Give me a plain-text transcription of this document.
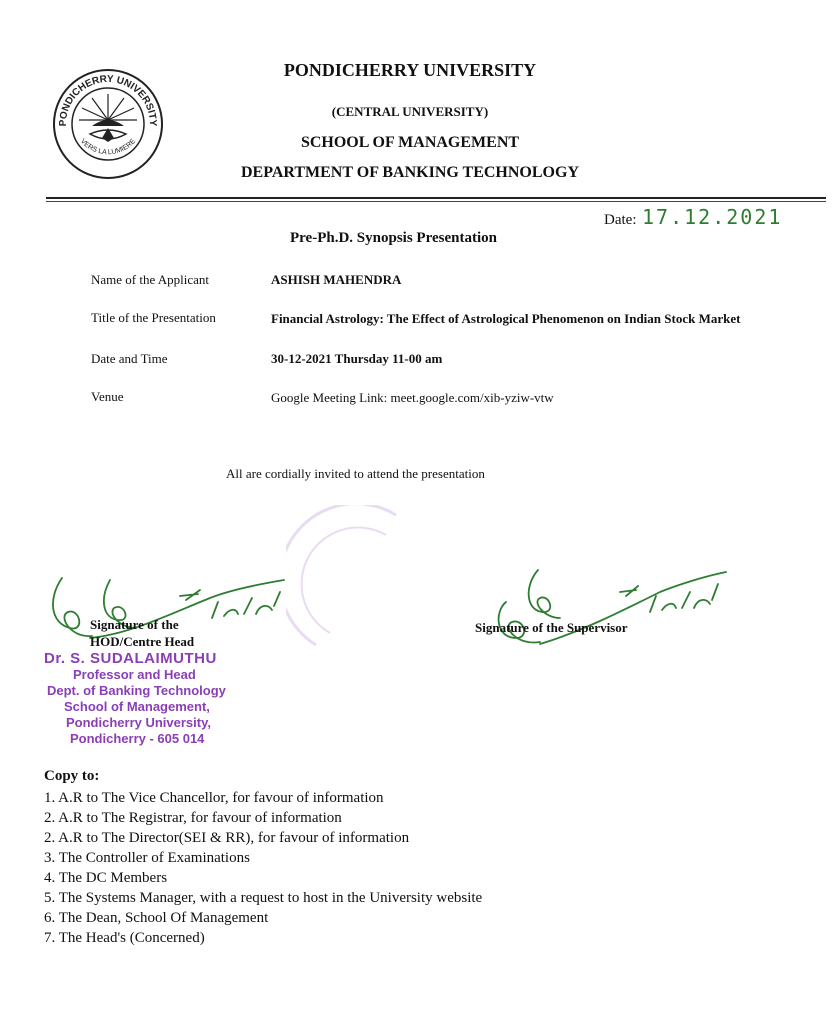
PONDICHERRY UNIVERSITY
VERS LA LUMIERE
PONDICHERRY UNIVERSITY
(CENTRAL UNIVERSITY)
SCHOOL OF MANAGEMENT
DEPARTMENT OF BANKING TECHNOLOGY
Date: 17.12.2021
Pre-Ph.D. Synopsis Presentation
Name of the Applicant	ASHISH MAHENDRA
Title of the Presentation	Financial Astrology: The Effect of Astrological Phenomenon on Indian Stock Market
Date and Time	30-12-2021 Thursday 11-00 am
Venue	Google Meeting Link: meet.google.com/xib-yziw-vtw
All are cordially invited to attend the presentation
Signature of the
HOD/Centre Head
Signature of the Supervisor
Dr. S. SUDALAIMUTHU
Professor and Head
Dept. of Banking Technology
School of Management,
Pondicherry University,
Pondicherry - 605 014
Copy to:
1. A.R to The Vice Chancellor, for favour of information
2. A.R to The Registrar, for favour of information
2. A.R to The Director(SEI & RR), for favour of information
3. The Controller of Examinations
4. The DC Members
5. The Systems Manager, with a request to host in the University website
6. The Dean, School Of Management
7. The Head's (Concerned)
